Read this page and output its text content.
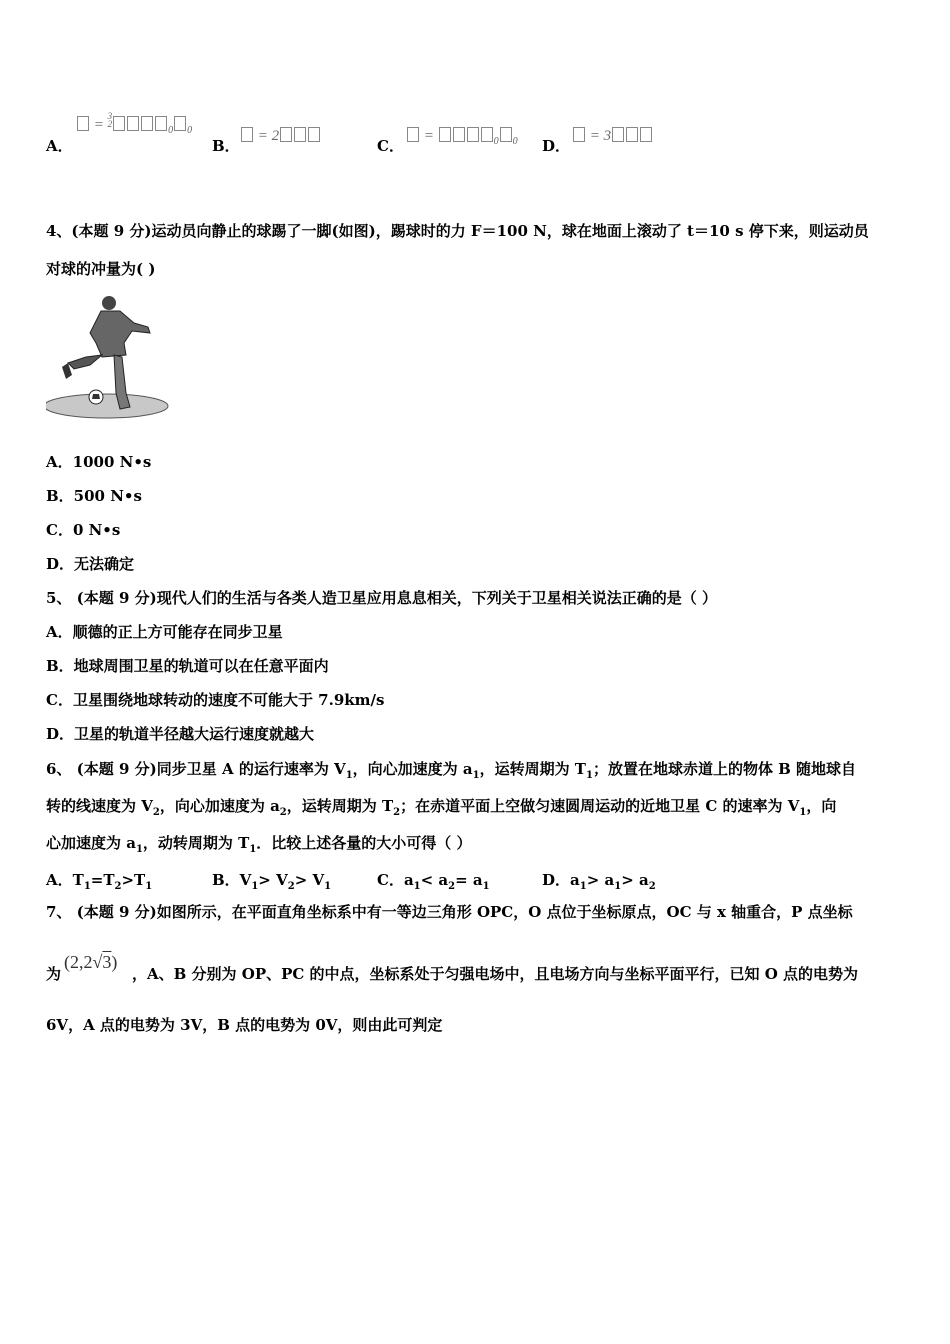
A．
= 3
$2_0$ $_0$
B．
= 2
C．
=	$_0$ $_0$ D．
= 3
4、(本题 9 分)运动员向静止的球踢了一脚(如图)，踢球时的力 F＝100 N，球在地面上滚动了 t＝10 s 停下来，则运动员
对球的冲量为( )
A．1000 N•s
B．500 N•s
C．0 N•s
D．无法确定
5、 (本题 9 分)现代人们的生活与各类人造卫星应用息息相关，下列关于卫星相关说法正确的是（ ）
A．顺德的正上方可能存在同步卫星
B．地球周围卫星的轨道可以在任意平面内
C．卫星围绕地球转动的速度不可能大于 7.9km/s
D．卫星的轨道半径越大运行速度就越大
6、 (本题 9 分)同步卫星 A 的运行速率为 $V_1$，向心加速度为 $a_1$，运转周期为 $T_1$；放置在地球赤道上的物体 B 随地球自
转的线速度为 $V_2$，向心加速度为 $a_2$，运转周期为 $T_2$；在赤道平面上空做匀速圆周运动的近地卫星 C 的速率为 $V_1$，向
心加速度为 $a_1$，动转周期为 $T_1$．比较上述各量的大小可得（ ）
A．$T_1=T_2>T_1$	B．$V_1> V_2> V_1$	C．$a_1< a_2= a_1$	D．$a_1> a_1> a_2$
7、 (本题 9 分)如图所示，在平面直角坐标系中有一等边三角形 OPC，O 点位于坐标原点，OC 与 x 轴重合，P 点坐标
为
(2,2√3)
，A、B 分别为 OP、PC 的中点，坐标系处于匀强电场中，且电场方向与坐标平面平行，已知 O 点的电势为
6V，A 点的电势为 3V，B 点的电势为 0V，则由此可判定
